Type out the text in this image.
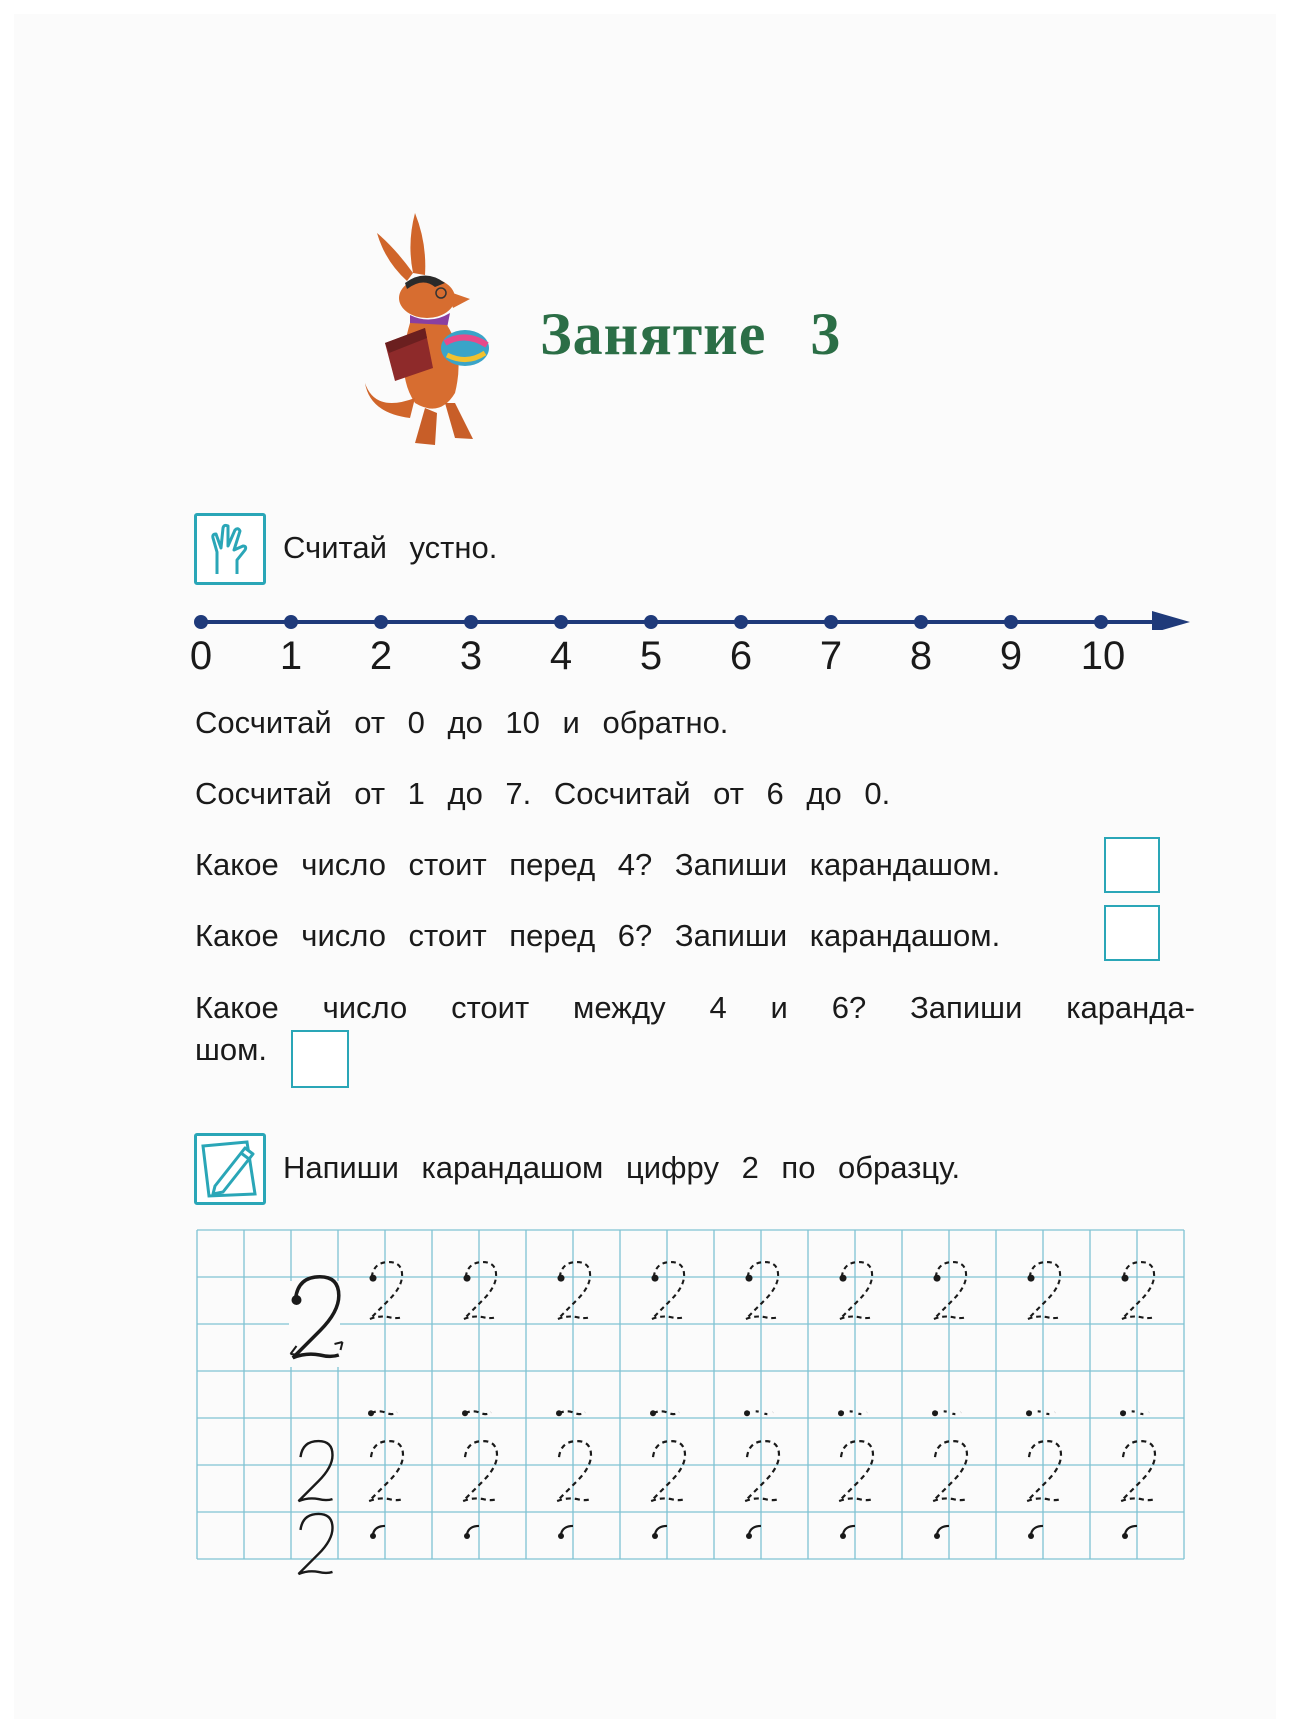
Занятие 3
Считай устно.
0	1	2	3	4	5	6	7	8	9	10
Сосчитай от 0 до 10 и обратно.
Сосчитай от 1 до 7. Сосчитай от 6 до 0.
Какое число стоит перед 4? Запиши карандашом.
Какое число стоит перед 6? Запиши карандашом.
Какое число стоит между 4 и 6? Запиши каранда-
шом.
Напиши карандашом цифру 2 по образцу.
